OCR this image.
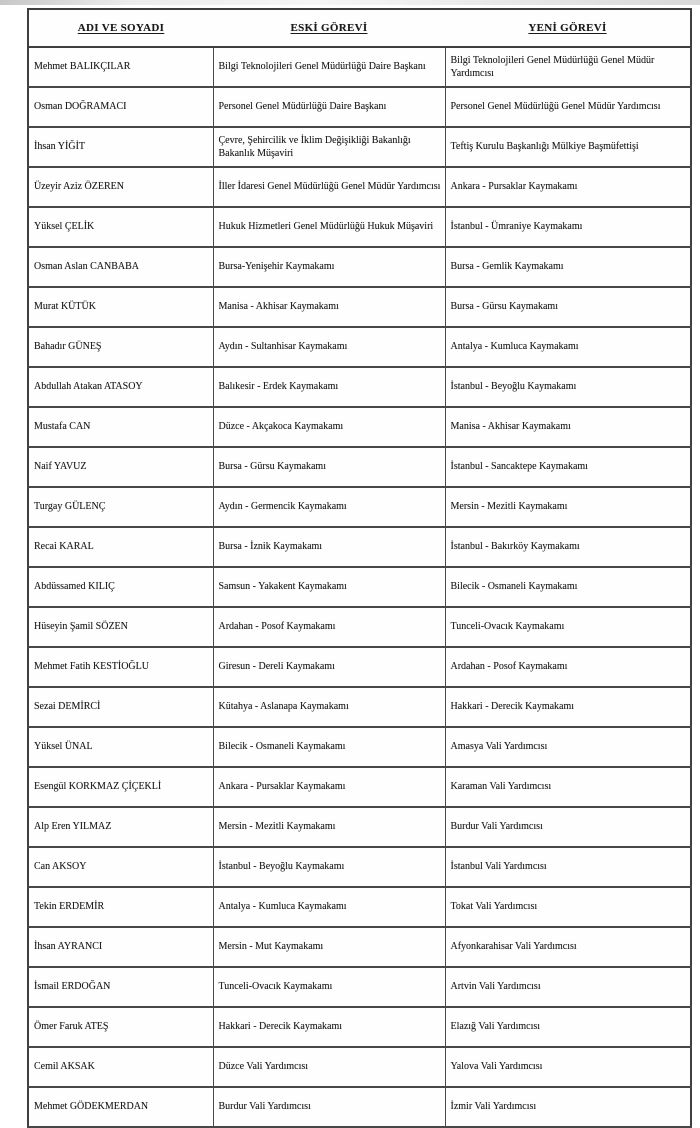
ADI VE SOYADI	ESKİ GÖREVİ	YENİ GÖREVİ
Mehmet BALIKÇILAR	Bilgi Teknolojileri Genel Müdürlüğü Daire Başkanı	Bilgi Teknolojileri Genel Müdürlüğü Genel Müdür Yardımcısı
Osman DOĞRAMACI	Personel Genel Müdürlüğü Daire Başkanı	Personel Genel Müdürlüğü Genel Müdür Yardımcısı
İhsan YİĞİT	Çevre, Şehircilik ve İklim Değişikliği Bakanlığı Bakanlık Müşaviri	Teftiş Kurulu Başkanlığı Mülkiye Başmüfettişi
Üzeyir Aziz ÖZEREN	İller İdaresi Genel Müdürlüğü Genel Müdür Yardımcısı	Ankara - Pursaklar Kaymakamı
Yüksel ÇELİK	Hukuk Hizmetleri Genel Müdürlüğü Hukuk Müşaviri	İstanbul - Ümraniye Kaymakamı
Osman Aslan CANBABA	Bursa-Yenişehir Kaymakamı	Bursa - Gemlik Kaymakamı
Murat KÜTÜK	Manisa - Akhisar Kaymakamı	Bursa - Gürsu Kaymakamı
Bahadır GÜNEŞ	Aydın - Sultanhisar Kaymakamı	Antalya - Kumluca Kaymakamı
Abdullah Atakan ATASOY	Balıkesir - Erdek Kaymakamı	İstanbul - Beyoğlu Kaymakamı
Mustafa CAN	Düzce - Akçakoca Kaymakamı	Manisa - Akhisar Kaymakamı
Naif YAVUZ	Bursa - Gürsu Kaymakamı	İstanbul - Sancaktepe Kaymakamı
Turgay GÜLENÇ	Aydın - Germencik Kaymakamı	Mersin - Mezitli Kaymakamı
Recai KARAL	Bursa - İznik Kaymakamı	İstanbul - Bakırköy Kaymakamı
Abdüssamed KILIÇ	Samsun - Yakakent Kaymakamı	Bilecik - Osmaneli Kaymakamı
Hüseyin Şamil SÖZEN	Ardahan - Posof Kaymakamı	Tunceli-Ovacık Kaymakamı
Mehmet Fatih KESTİOĞLU	Giresun - Dereli Kaymakamı	Ardahan - Posof Kaymakamı
Sezai DEMİRCİ	Kütahya - Aslanapa Kaymakamı	Hakkari - Derecik Kaymakamı
Yüksel ÜNAL	Bilecik - Osmaneli Kaymakamı	Amasya Vali Yardımcısı
Esengül KORKMAZ ÇİÇEKLİ	Ankara - Pursaklar Kaymakamı	Karaman Vali Yardımcısı
Alp Eren YILMAZ	Mersin - Mezitli Kaymakamı	Burdur Vali Yardımcısı
Can AKSOY	İstanbul - Beyoğlu Kaymakamı	İstanbul Vali Yardımcısı
Tekin ERDEMİR	Antalya - Kumluca Kaymakamı	Tokat Vali Yardımcısı
İhsan AYRANCI	Mersin - Mut Kaymakamı	Afyonkarahisar Vali Yardımcısı
İsmail ERDOĞAN	Tunceli-Ovacık Kaymakamı	Artvin Vali Yardımcısı
Ömer Faruk ATEŞ	Hakkari - Derecik Kaymakamı	Elazığ Vali Yardımcısı
Cemil AKSAK	Düzce Vali Yardımcısı	Yalova Vali Yardımcısı
Mehmet GÖDEKMERDAN	Burdur Vali Yardımcısı	İzmir Vali Yardımcısı
